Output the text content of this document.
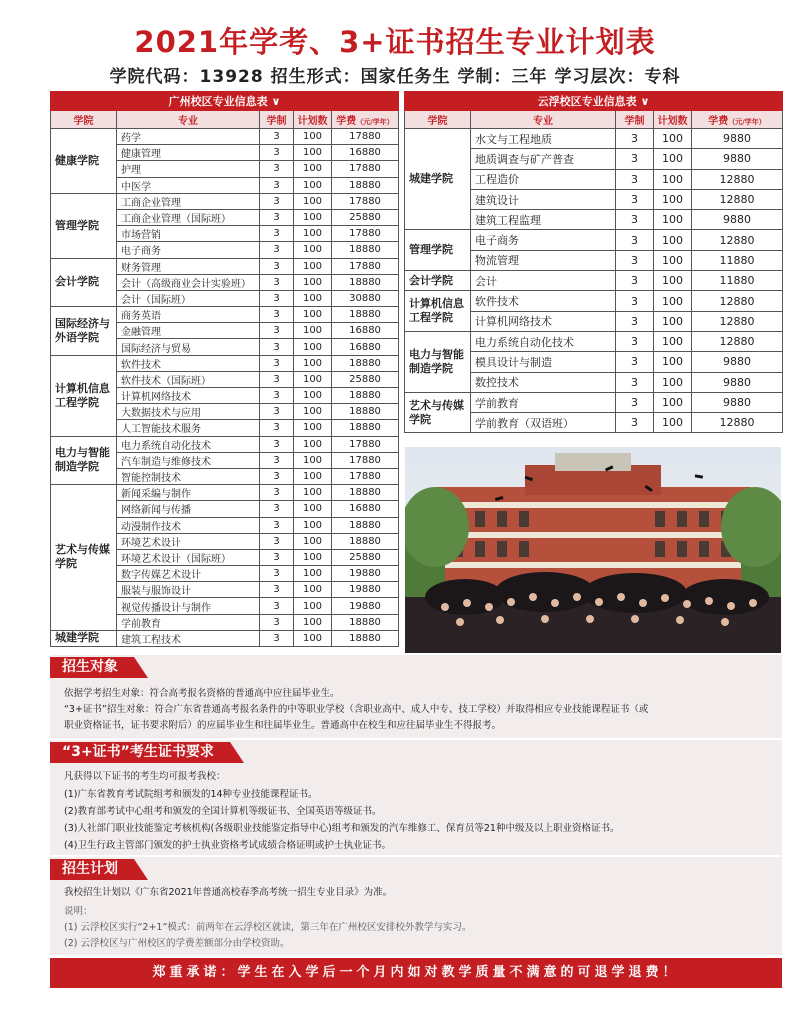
2021年学考、3+证书招生专业计划表
学院代码：13928 招生形式：国家任务生 学制：三年 学习层次：专科
广州校区专业信息表 ∨				
学院	专业	学制	计划数	学费（元/学年）
健康学院	药学	3	100	17880
	健康管理	3	100	16880
	护理	3	100	17880
	中医学	3	100	18880
管理学院	工商企业管理	3	100	17880
	工商企业管理（国际班）	3	100	25880
	市场营销	3	100	17880
	电子商务	3	100	18880
会计学院	财务管理	3	100	17880
	会计（高级商业会计实验班）	3	100	18880
	会计（国际班）	3	100	30880
国际经济与外语学院	商务英语	3	100	18880
	金融管理	3	100	16880
	国际经济与贸易	3	100	16880
计算机信息工程学院	软件技术	3	100	18880
	软件技术（国际班）	3	100	25880
	计算机网络技术	3	100	18880
	大数据技术与应用	3	100	18880
	人工智能技术服务	3	100	18880
电力与智能制造学院	电力系统自动化技术	3	100	17880
	汽车制造与维修技术	3	100	17880
	智能控制技术	3	100	17880
艺术与传媒学院	新闻采编与制作	3	100	18880
	网络新闻与传播	3	100	16880
	动漫制作技术	3	100	18880
	环境艺术设计	3	100	18880
	环境艺术设计（国际班）	3	100	25880
	数字传媒艺术设计	3	100	19880
	服装与服饰设计	3	100	19880
	视觉传播设计与制作	3	100	19880
	学前教育	3	100	18880
城建学院	建筑工程技术	3	100	18880
云浮校区专业信息表 ∨				
学院	专业	学制	计划数	学费（元/学年）
城建学院	水文与工程地质	3	100	9880
	地质调查与矿产普查	3	100	9880
	工程造价	3	100	12880
	建筑设计	3	100	12880
	建筑工程监理	3	100	9880
管理学院	电子商务	3	100	12880
	物流管理	3	100	11880
会计学院	会计	3	100	11880
计算机信息工程学院	软件技术	3	100	12880
	计算机网络技术	3	100	12880
电力与智能制造学院	电力系统自动化技术	3	100	12880
	模具设计与制造	3	100	9880
	数控技术	3	100	9880
艺术与传媒学院	学前教育	3	100	9880
	学前教育（双语班）	3	100	12880
招生对象
依据学考招生对象：符合高考报名资格的普通高中应往届毕业生。
“3+证书”招生对象：符合广东省普通高考报名条件的中等职业学校（含职业高中、成人中专、技工学校）并取得相应专业技能课程证书（或
职业资格证书，证书要求附后）的应届毕业生和往届毕业生。普通高中在校生和应往届毕业生不得报考。
“3+证书”考生证书要求
凡获得以下证书的考生均可报考我校：
(1)广东省教育考试院组考和颁发的14种专业技能课程证书。
(2)教育部考试中心组考和颁发的全国计算机等级证书、全国英语等级证书。
(3)人社部门职业技能鉴定考核机构(各级职业技能鉴定指导中心)组考和颁发的汽车维修工、保育员等21种中级及以上职业资格证书。
(4)卫生行政主管部门颁发的护士执业资格考试成绩合格证明或护士执业证书。
招生计划
我校招生计划以《广东省2021年普通高校春季高考统一招生专业目录》为准。
说明：
(1) 云浮校区实行“2+1”模式：前两年在云浮校区就读，第三年在广州校区安排校外教学与实习。
(2) 云浮校区与广州校区的学费差额部分由学校资助。
郑重承诺：学生在入学后一个月内如对教学质量不满意的可退学退费！
